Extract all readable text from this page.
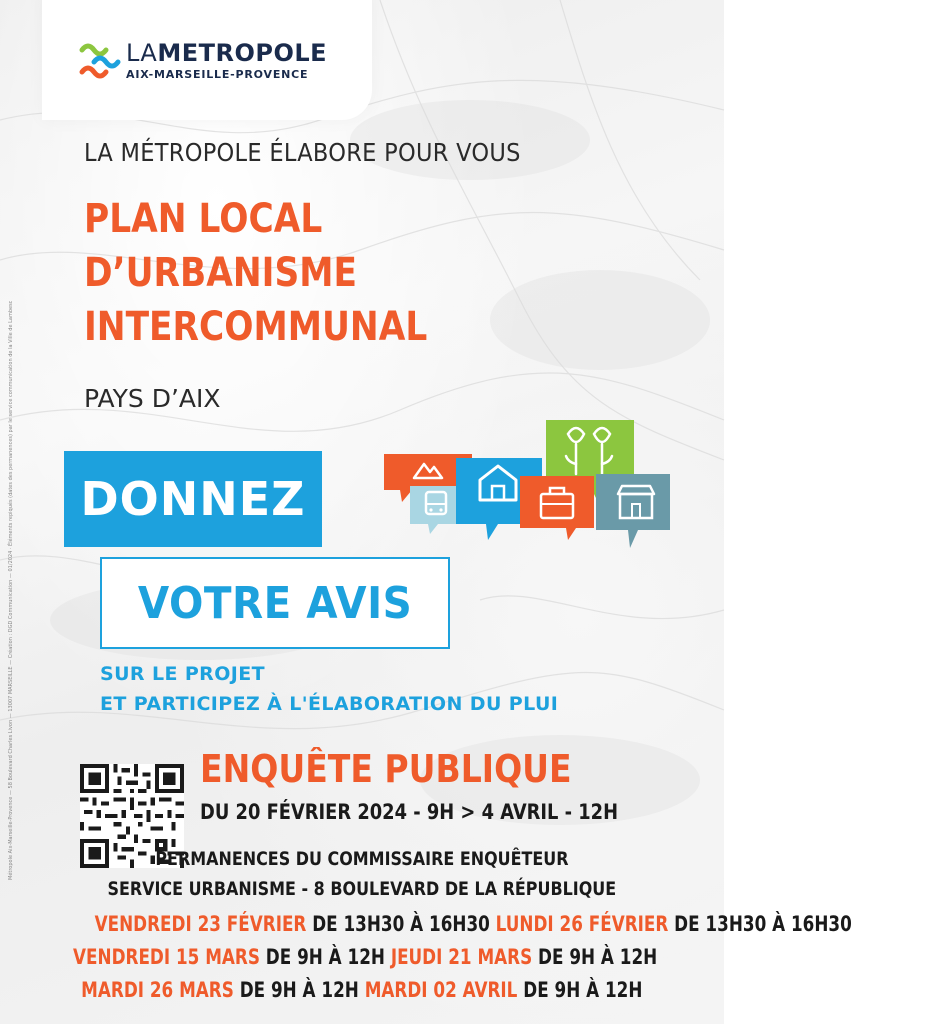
LAMETROPOLE
AIX-MARSEILLE-PROVENCE
Métropole Aix-Marseille-Provence — 58 Boulevard Charles Livon — 13007 MARSEILLE — Création : DGD Communication — 01/2024 · Éléments repiqués (dates des permanences) par le service communication de la Ville de Lambesc
LA MÉTROPOLE ÉLABORE POUR VOUS
PLAN LOCAL
D’URBANISME
INTERCOMMUNAL
PAYS D’AIX
DONNEZ
VOTRE AVIS
SUR LE PROJET
ET PARTICIPEZ À L'ÉLABORATION DU PLUI
ENQUÊTE PUBLIQUE
DU 20 FÉVRIER 2024 - 9H > 4 AVRIL - 12H
PERMANENCES DU COMMISSAIRE ENQUÊTEUR
SERVICE URBANISME - 8 BOULEVARD DE LA RÉPUBLIQUE
VENDREDI 23 FÉVRIER DE 13H30 À 16H30 LUNDI 26 FÉVRIER DE 13H30 À 16H30
VENDREDI 15 MARS DE 9H À 12H JEUDI 21 MARS DE 9H À 12H
MARDI 26 MARS DE 9H À 12H MARDI 02 AVRIL DE 9H À 12H
